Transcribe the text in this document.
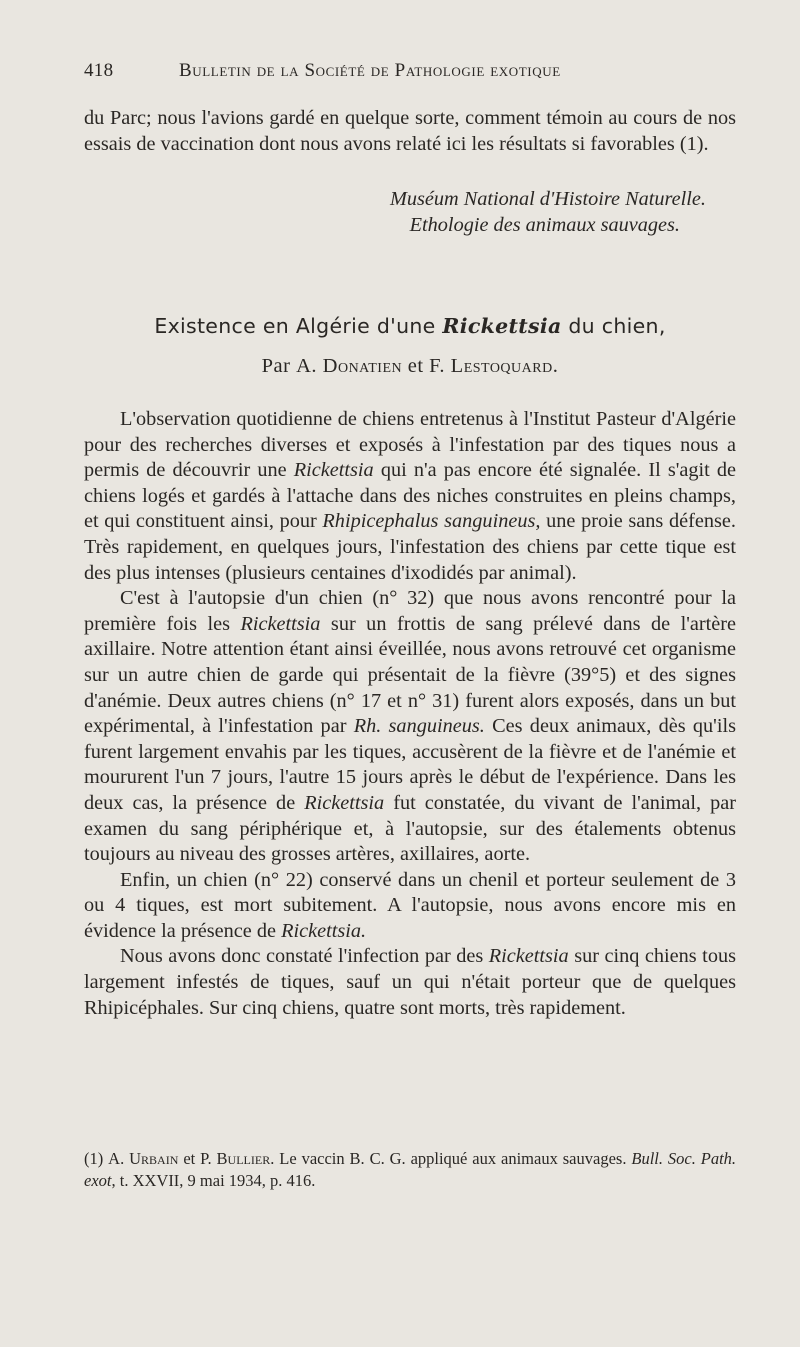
418	Bulletin de la Société de Pathologie exotique

du Parc; nous l'avions gardé en quelque sorte, comment témoin au cours de nos essais de vaccination dont nous avons relaté ici les résultats si favorables (1).

Muséum National d'Histoire Naturelle.
Ethologie des animaux sauvages.
Existence en Algérie d'une Rickettsia du chien,
Par A. Donatien et F. Lestoquard.

L'observation quotidienne de chiens entretenus à l'Institut Pasteur d'Algérie pour des recherches diverses et exposés à l'infestation par des tiques nous a permis de découvrir une Rickettsia qui n'a pas encore été signalée. Il s'agit de chiens logés et gardés à l'attache dans des niches construites en pleins champs, et qui constituent ainsi, pour Rhipicephalus sanguineus, une proie sans défense. Très rapidement, en quelques jours, l'infestation des chiens par cette tique est des plus intenses (plusieurs centaines d'ixodidés par animal).

C'est à l'autopsie d'un chien (n° 32) que nous avons rencontré pour la première fois les Rickettsia sur un frottis de sang prélevé dans de l'artère axillaire. Notre attention étant ainsi éveillée, nous avons retrouvé cet organisme sur un autre chien de garde qui présentait de la fièvre (39°5) et des signes d'anémie. Deux autres chiens (n° 17 et n° 31) furent alors exposés, dans un but expérimental, à l'infestation par Rh. sanguineus. Ces deux animaux, dès qu'ils furent largement envahis par les tiques, accusèrent de la fièvre et de l'anémie et moururent l'un 7 jours, l'autre 15 jours après le début de l'expérience. Dans les deux cas, la présence de Rickettsia fut constatée, du vivant de l'animal, par examen du sang périphérique et, à l'autopsie, sur des étalements obtenus toujours au niveau des grosses artères, axillaires, aorte.

Enfin, un chien (n° 22) conservé dans un chenil et porteur seulement de 3 ou 4 tiques, est mort subitement. A l'autopsie, nous avons encore mis en évidence la présence de Rickettsia.

Nous avons donc constaté l'infection par des Rickettsia sur cinq chiens tous largement infestés de tiques, sauf un qui n'était porteur que de quelques Rhipicéphales. Sur cinq chiens, quatre sont morts, très rapidement.

(1) A. Urbain et P. Bullier. Le vaccin B. C. G. appliqué aux animaux sauvages. Bull. Soc. Path. exot, t. XXVII, 9 mai 1934, p. 416.
